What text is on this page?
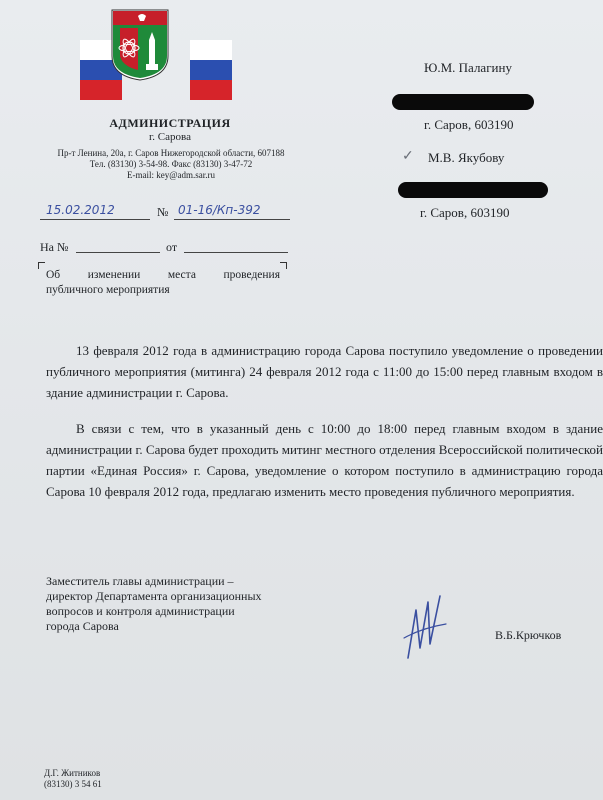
АДМИНИСТРАЦИЯ
г. Сарова
Пр-т Ленина, 20а, г. Саров Нижегородской области, 607188
Тел. (83130) 3-54-98. Факс (83130) 3-47-72
E-mail: key@adm.sar.ru
15.02.2012	№ 01-16/Кп-392
На №	от
Об изменении места проведения
публичного мероприятия
Ю.М. Палагину
г. Саров, 603190
✓ М.В. Якубову
г. Саров, 603190
13 февраля 2012 года в администрацию города Сарова поступило уведомление о проведении публичного мероприятия (митинга) 24 февраля 2012 года с 11:00 до 15:00 перед главным входом в здание администрации г. Сарова.
В связи с тем, что в указанный день с 10:00 до 18:00 перед главным входом в здание администрации г. Сарова будет проходить митинг местного отделения Всероссийской политической партии «Единая Россия» г. Сарова, уведомление о котором поступило в администрацию города Сарова 10 февраля 2012 года, предлагаю изменить место проведения публичного мероприятия.
Заместитель главы администрации –
директор Департамента организационных
вопросов и контроля администрации
города Сарова
В.Б.Крючков
Д.Г. Житников
(83130) 3 54 61
